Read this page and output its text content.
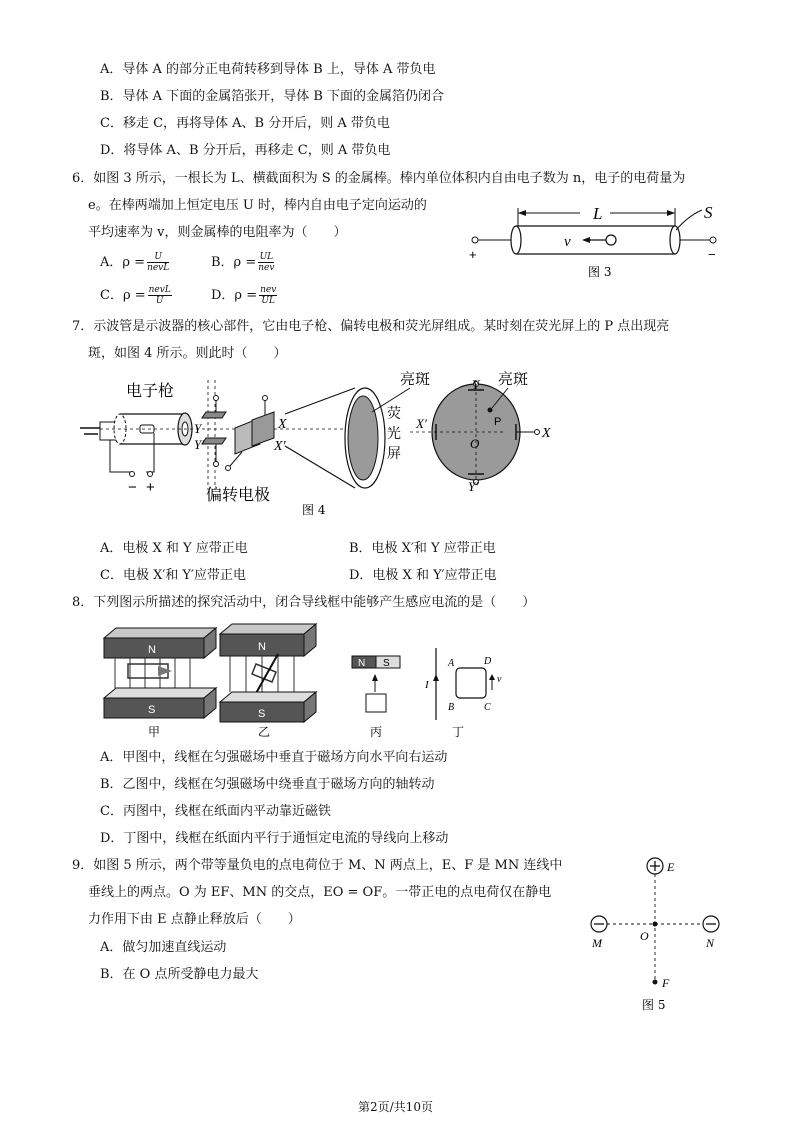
A．导体 A 的部分正电荷转移到导体 B 上，导体 A 带负电
B．导体 A 下面的金属箔张开，导体 B 下面的金属箔仍闭合
C．移走 C，再将导体 A、B 分开后，则 A 带负电
D．将导体 A、B 分开后，再移走 C，则 A 带负电
6．如图 3 所示，一根长为 L、横截面积为 S 的金属棒。棒内单位体积内自由电子数为 n，电子的电荷量为
e。在棒两端加上恒定电压 U 时，棒内自由电子定向运动的
平均速率为 v，则金属棒的电阻率为（　　）
A．$\rho = \frac{U}{\text{nevL}}$	B．$\rho = \frac{UL}{\text{nev}}$
C．$\rho = \frac{\text{nevL}}{U}$	D．$\rho = \frac{\text{nev}}{UL}$
L	S
v
+	−
图 3
7．示波管是示波器的核心部件，它由电子枪、偏转电极和荧光屏组成。某时刻在荧光屏上的 P 点出现亮
斑，如图 4 所示。则此时（　　）
电子枪
− +
Y
Y′
X
X′
偏转电极
亮斑
荧
光
屏
Y
Y′
X
X′
O
P
亮斑
图 4
A．电极 X 和 Y 应带正电	B．电极 X′和 Y 应带正电
C．电极 X′和 Y′应带正电	D．电极 X 和 Y′应带正电
8．下列图示所描述的探究活动中，闭合导线框中能够产生感应电流的是（　　）
N
S
甲
N
S
乙
N S
丙
I
A	D
B	C
v
丁
A．甲图中，线框在匀强磁场中垂直于磁场方向水平向右运动
B．乙图中，线框在匀强磁场中绕垂直于磁场方向的轴转动
C．丙图中，线框在纸面内平动靠近磁铁
D．丁图中，线框在纸面内平行于通恒定电流的导线向上移动
9．如图 5 所示，两个带等量负电的点电荷位于 M、N 两点上，E、F 是 MN 连线中
垂线上的两点。O 为 EF、MN 的交点，EO = OF。一带正电的点电荷仅在静电
力作用下由 E 点静止释放后（　　）
A．做匀加速直线运动
B．在 O 点所受静电力最大
E
M	N
O
F
图 5
第2页/共10页
